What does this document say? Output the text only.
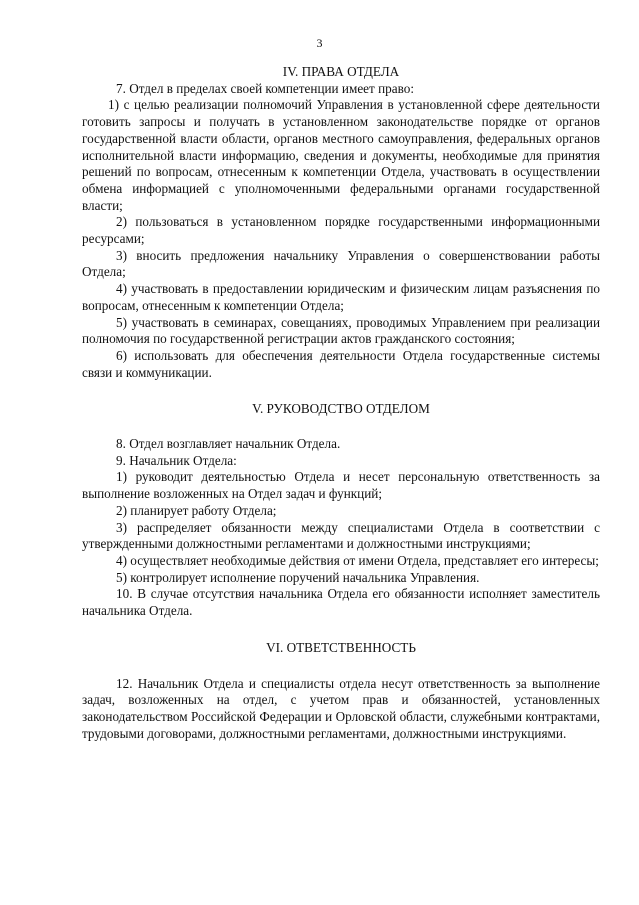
3
IV. ПРАВА ОТДЕЛА

7. Отдел в пределах своей компетенции имеет право:

1) с целью реализации полномочий Управления в установленной сфере деятельности готовить запросы и получать в установленном законодательстве порядке от органов государственной власти области, органов местного самоуправления, федеральных органов исполнительной власти информацию, сведения и документы, необходимые для принятия решений по вопросам, отнесенным к компетенции Отдела, участвовать в осуществлении обмена информацией с уполномоченными федеральными органами государственной власти;

2) пользоваться в установленном порядке государственными информационными ресурсами;

3) вносить предложения начальнику Управления о совершенствовании работы Отдела;

4) участвовать в предоставлении юридическим и физическим лицам разъяснения по вопросам, отнесенным к компетенции Отдела;

5) участвовать в семинарах, совещаниях, проводимых Управлением при реализации полномочия по государственной регистрации актов гражданского состояния;

6) использовать для обеспечения деятельности Отдела государственные системы связи и коммуникации.

V. РУКОВОДСТВО ОТДЕЛОМ

8. Отдел возглавляет начальник Отдела.

9. Начальник Отдела:

1) руководит деятельностью Отдела и несет персональную ответственность за выполнение возложенных на Отдел задач и функций;

2) планирует работу Отдела;

3) распределяет обязанности между специалистами Отдела в соответствии с утвержденными должностными регламентами и должностными инструкциями;

4) осуществляет необходимые действия от имени Отдела, представляет его интересы;

5) контролирует исполнение поручений начальника Управления.

10. В случае отсутствия начальника Отдела его обязанности исполняет заместитель начальника Отдела.

VI. ОТВЕТСТВЕННОСТЬ

12. Начальник Отдела и специалисты отдела несут ответственность за выполнение задач, возложенных на отдел, с учетом прав и обязанностей, установленных законодательством Российской Федерации и Орловской области, служебными контрактами, трудовыми договорами, должностными регламентами, должностными инструкциями.
